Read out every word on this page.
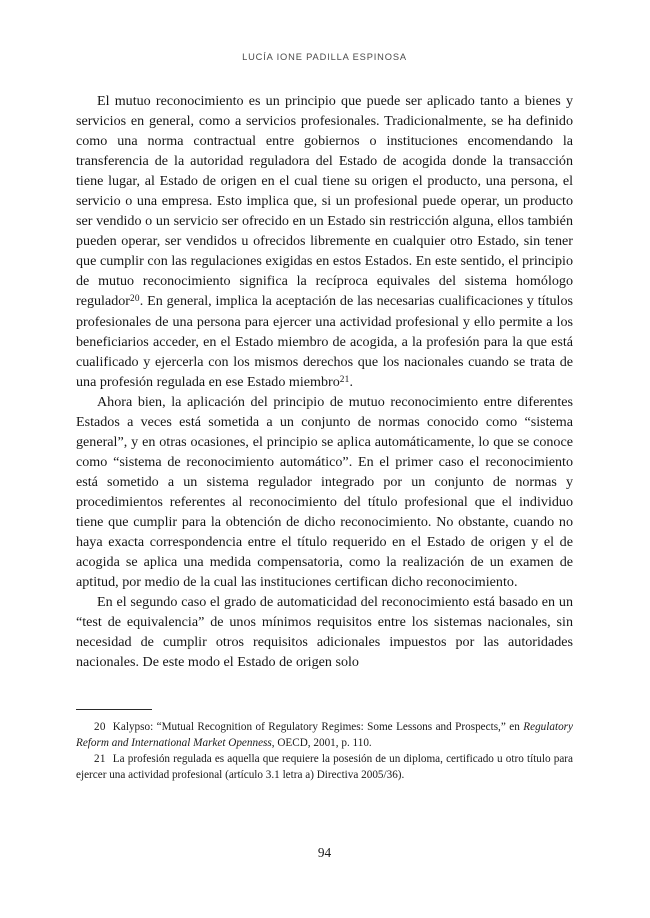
LUCÍA IONE PADILLA ESPINOSA

El mutuo reconocimiento es un principio que puede ser aplicado tanto a bienes y servicios en general, como a servicios profesionales. Tradicionalmente, se ha definido como una norma contractual entre gobiernos o instituciones encomendando la transferencia de la autoridad reguladora del Estado de acogida donde la transacción tiene lugar, al Estado de origen en el cual tiene su origen el producto, una persona, el servicio o una empresa. Esto implica que, si un profesional puede operar, un producto ser vendido o un servicio ser ofrecido en un Estado sin restricción alguna, ellos también pueden operar, ser vendidos u ofrecidos libremente en cualquier otro Estado, sin tener que cumplir con las regulaciones exigidas en estos Estados. En este sentido, el principio de mutuo reconocimiento significa la recíproca equivales del sistema homólogo regulador$^{20}$. En general, implica la aceptación de las necesarias cualificaciones y títulos profesionales de una persona para ejercer una actividad profesional y ello permite a los beneficiarios acceder, en el Estado miembro de acogida, a la profesión para la que está cualificado y ejercerla con los mismos derechos que los nacionales cuando se trata de una profesión regulada en ese Estado miembro$^{21}$.

Ahora bien, la aplicación del principio de mutuo reconocimiento entre diferentes Estados a veces está sometida a un conjunto de normas conocido como “sistema general”, y en otras ocasiones, el principio se aplica automáticamente, lo que se conoce como “sistema de reconocimiento automático”. En el primer caso el reconocimiento está sometido a un sistema regulador integrado por un conjunto de normas y procedimientos referentes al reconocimiento del título profesional que el individuo tiene que cumplir para la obtención de dicho reconocimiento. No obstante, cuando no haya exacta correspondencia entre el título requerido en el Estado de origen y el de acogida se aplica una medida compensatoria, como la realización de un examen de aptitud, por medio de la cual las instituciones certifican dicho reconocimiento.

En el segundo caso el grado de automaticidad del reconocimiento está basado en un “test de equivalencia” de unos mínimos requisitos entre los sistemas nacionales, sin necesidad de cumplir otros requisitos adicionales impuestos por las autoridades nacionales. De este modo el Estado de origen solo

20 Kalypso: “Mutual Recognition of Regulatory Regimes: Some Lessons and Prospects,” en Regulatory Reform and International Market Openness, OECD, 2001, p. 110.

21 La profesión regulada es aquella que requiere la posesión de un diploma, certificado u otro título para ejercer una actividad profesional (artículo 3.1 letra a) Directiva 2005/36).

94
